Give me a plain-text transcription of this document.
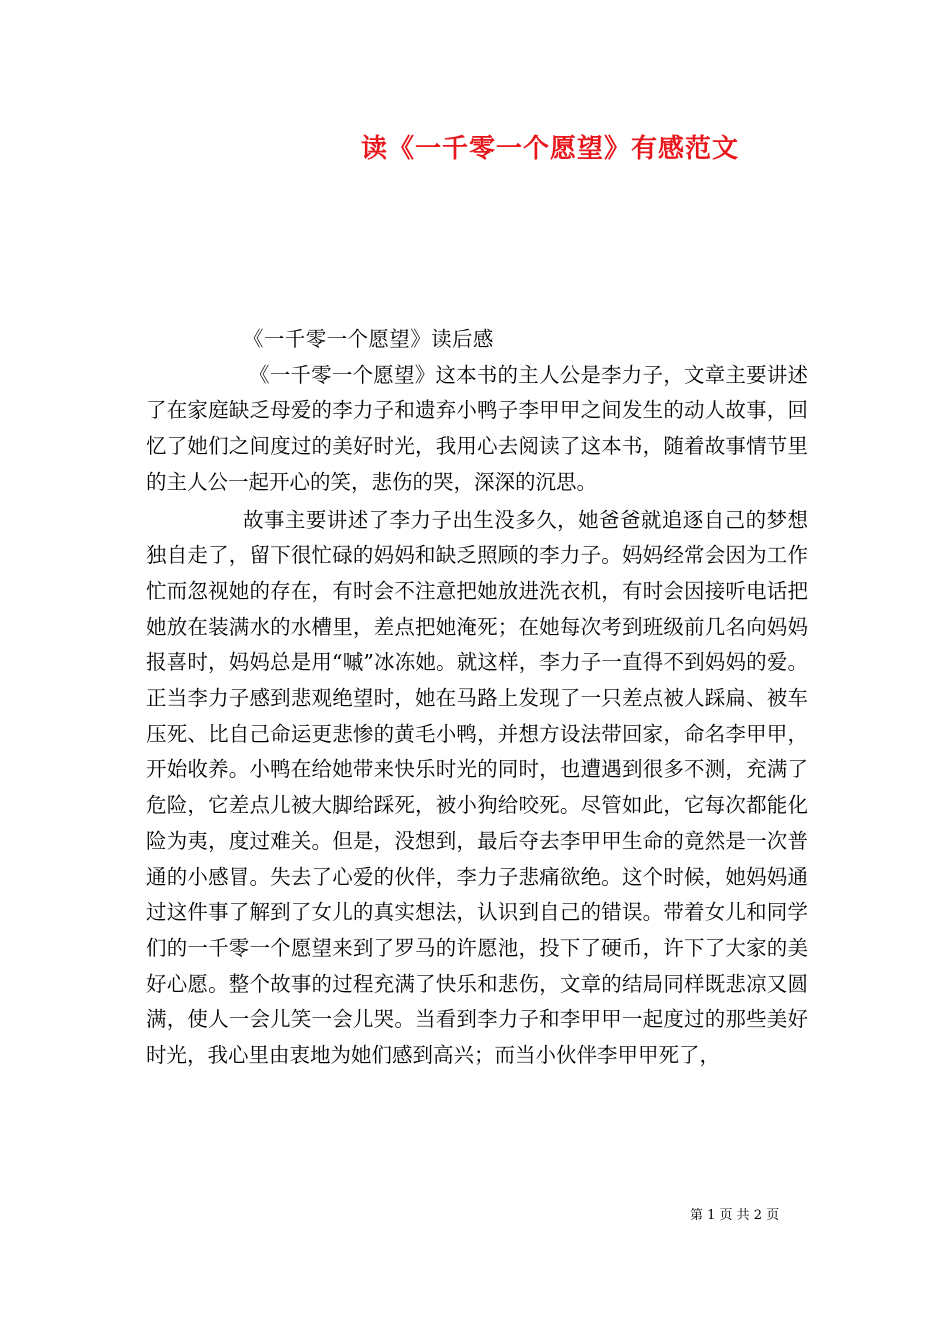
读《一千零一个愿望》有感范文

《一千零一个愿望》读后感

《一千零一个愿望》这本书的主人公是李力子，文章主要讲述了在家庭缺乏母爱的李力子和遗弃小鸭子李甲甲之间发生的动人故事，回忆了她们之间度过的美好时光，我用心去阅读了这本书，随着故事情节里的主人公一起开心的笑，悲伤的哭，深深的沉思。

故事主要讲述了李力子出生没多久，她爸爸就追逐自己的梦想独自走了，留下很忙碌的妈妈和缺乏照顾的李力子。妈妈经常会因为工作忙而忽视她的存在，有时会不注意把她放进洗衣机，有时会因接听电话把她放在装满水的水槽里，差点把她淹死；在她每次考到班级前几名向妈妈报喜时，妈妈总是用“嘁”冰冻她。就这样，李力子一直得不到妈妈的爱。正当李力子感到悲观绝望时，她在马路上发现了一只差点被人踩扁、被车压死、比自己命运更悲惨的黄毛小鸭，并想方设法带回家，命名李甲甲，开始收养。小鸭在给她带来快乐时光的同时，也遭遇到很多不测，充满了危险，它差点儿被大脚给踩死，被小狗给咬死。尽管如此，它每次都能化险为夷，度过难关。但是，没想到，最后夺去李甲甲生命的竟然是一次普通的小感冒。失去了心爱的伙伴，李力子悲痛欲绝。这个时候，她妈妈通过这件事了解到了女儿的真实想法，认识到自己的错误。带着女儿和同学们的一千零一个愿望来到了罗马的许愿池，投下了硬币，许下了大家的美好心愿。整个故事的过程充满了快乐和悲伤，文章的结局同样既悲凉又圆满，使人一会儿笑一会儿哭。当看到李力子和李甲甲一起度过的那些美好时光，我心里由衷地为她们感到高兴；而当小伙伴李甲甲死了，

第 1 页 共 2 页
